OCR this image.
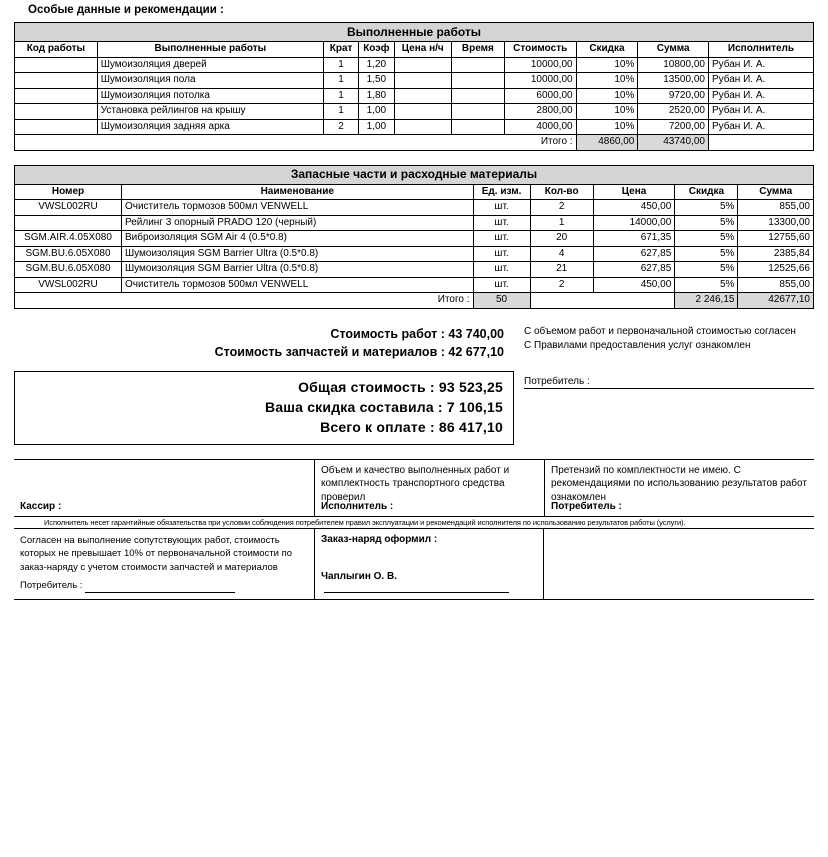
Особые данные и рекомендации :
Выполненные работы									
Код работы	Выполненные работы	Крат	Коэф	Цена н/ч	Время	Стоимость	Скидка	Сумма	Исполнитель
	Шумоизоляция дверей	1	1,20			10000,00	10%	10800,00	Рубан И. А.
	Шумоизоляция пола	1	1,50			10000,00	10%	13500,00	Рубан И. А.
	Шумоизоляция потолка	1	1,80			6000,00	10%	9720,00	Рубан И. А.
	Установка рейлингов на крышу	1	1,00			2800,00	10%	2520,00	Рубан И. А.
	Шумоизоляция задняя арка	2	1,00			4000,00	10%	7200,00	Рубан И. А.
						Итого :	4860,00	43740,00	
Запасные части и расходные материалы						
Номер	Наименование	Ед. изм.	Кол-во	Цена	Скидка	Сумма
VWSL002RU	Очиститель тормозов 500мл VENWELL	шт.	2	450,00	5%	855,00
	Рейлинг 3 опорный PRADO 120 (черный)	шт.	1	14000,00	5%	13300,00
SGM.AIR.4.05X080	Виброизоляция SGM Air 4 (0.5*0.8)	шт.	20	671,35	5%	12755,60
SGM.BU.6.05X080	Шумоизоляция SGM Barrier Ultra (0.5*0.8)	шт.	4	627,85	5%	2385,84
SGM.BU.6.05X080	Шумоизоляция SGM Barrier Ultra (0.5*0.8)	шт.	21	627,85	5%	12525,66
VWSL002RU	Очиститель тормозов 500мл VENWELL	шт.	2	450,00	5%	855,00
	Итого :	50			2 246,15	42677,10
Стоимость работ : 43 740,00
Стоимость запчастей и материалов : 42 677,10
Общая стоимость : 93 523,25
Ваша скидка составила : 7 106,15
Всего к оплате : 86 417,10
С объемом работ и первоначальной стоимостью согласен
С Правилами предоставления услуг ознакомлен
Потребитель :
Кассир :
Объем и качество выполненных работ и комплектность транспортного средства проверил
Исполнитель :
Претензий по комплектности не имею. С рекомендациями по использованию результатов работ ознакомлен
Потребитель :
Исполнитель несет гарантийные обязательства при условии соблюдения потребителем правил эксплуатации и рекомендаций исполнителя по использованию результатов работы (услуги).
Согласен на выполнение сопутствующих работ, стоимость которых не превышает 10% от первоначальной стоимости по заказ-наряду с учетом стоимости запчастей и материалов
Потребитель :
Заказ-наряд оформил :
Чаплыгин О. В.
